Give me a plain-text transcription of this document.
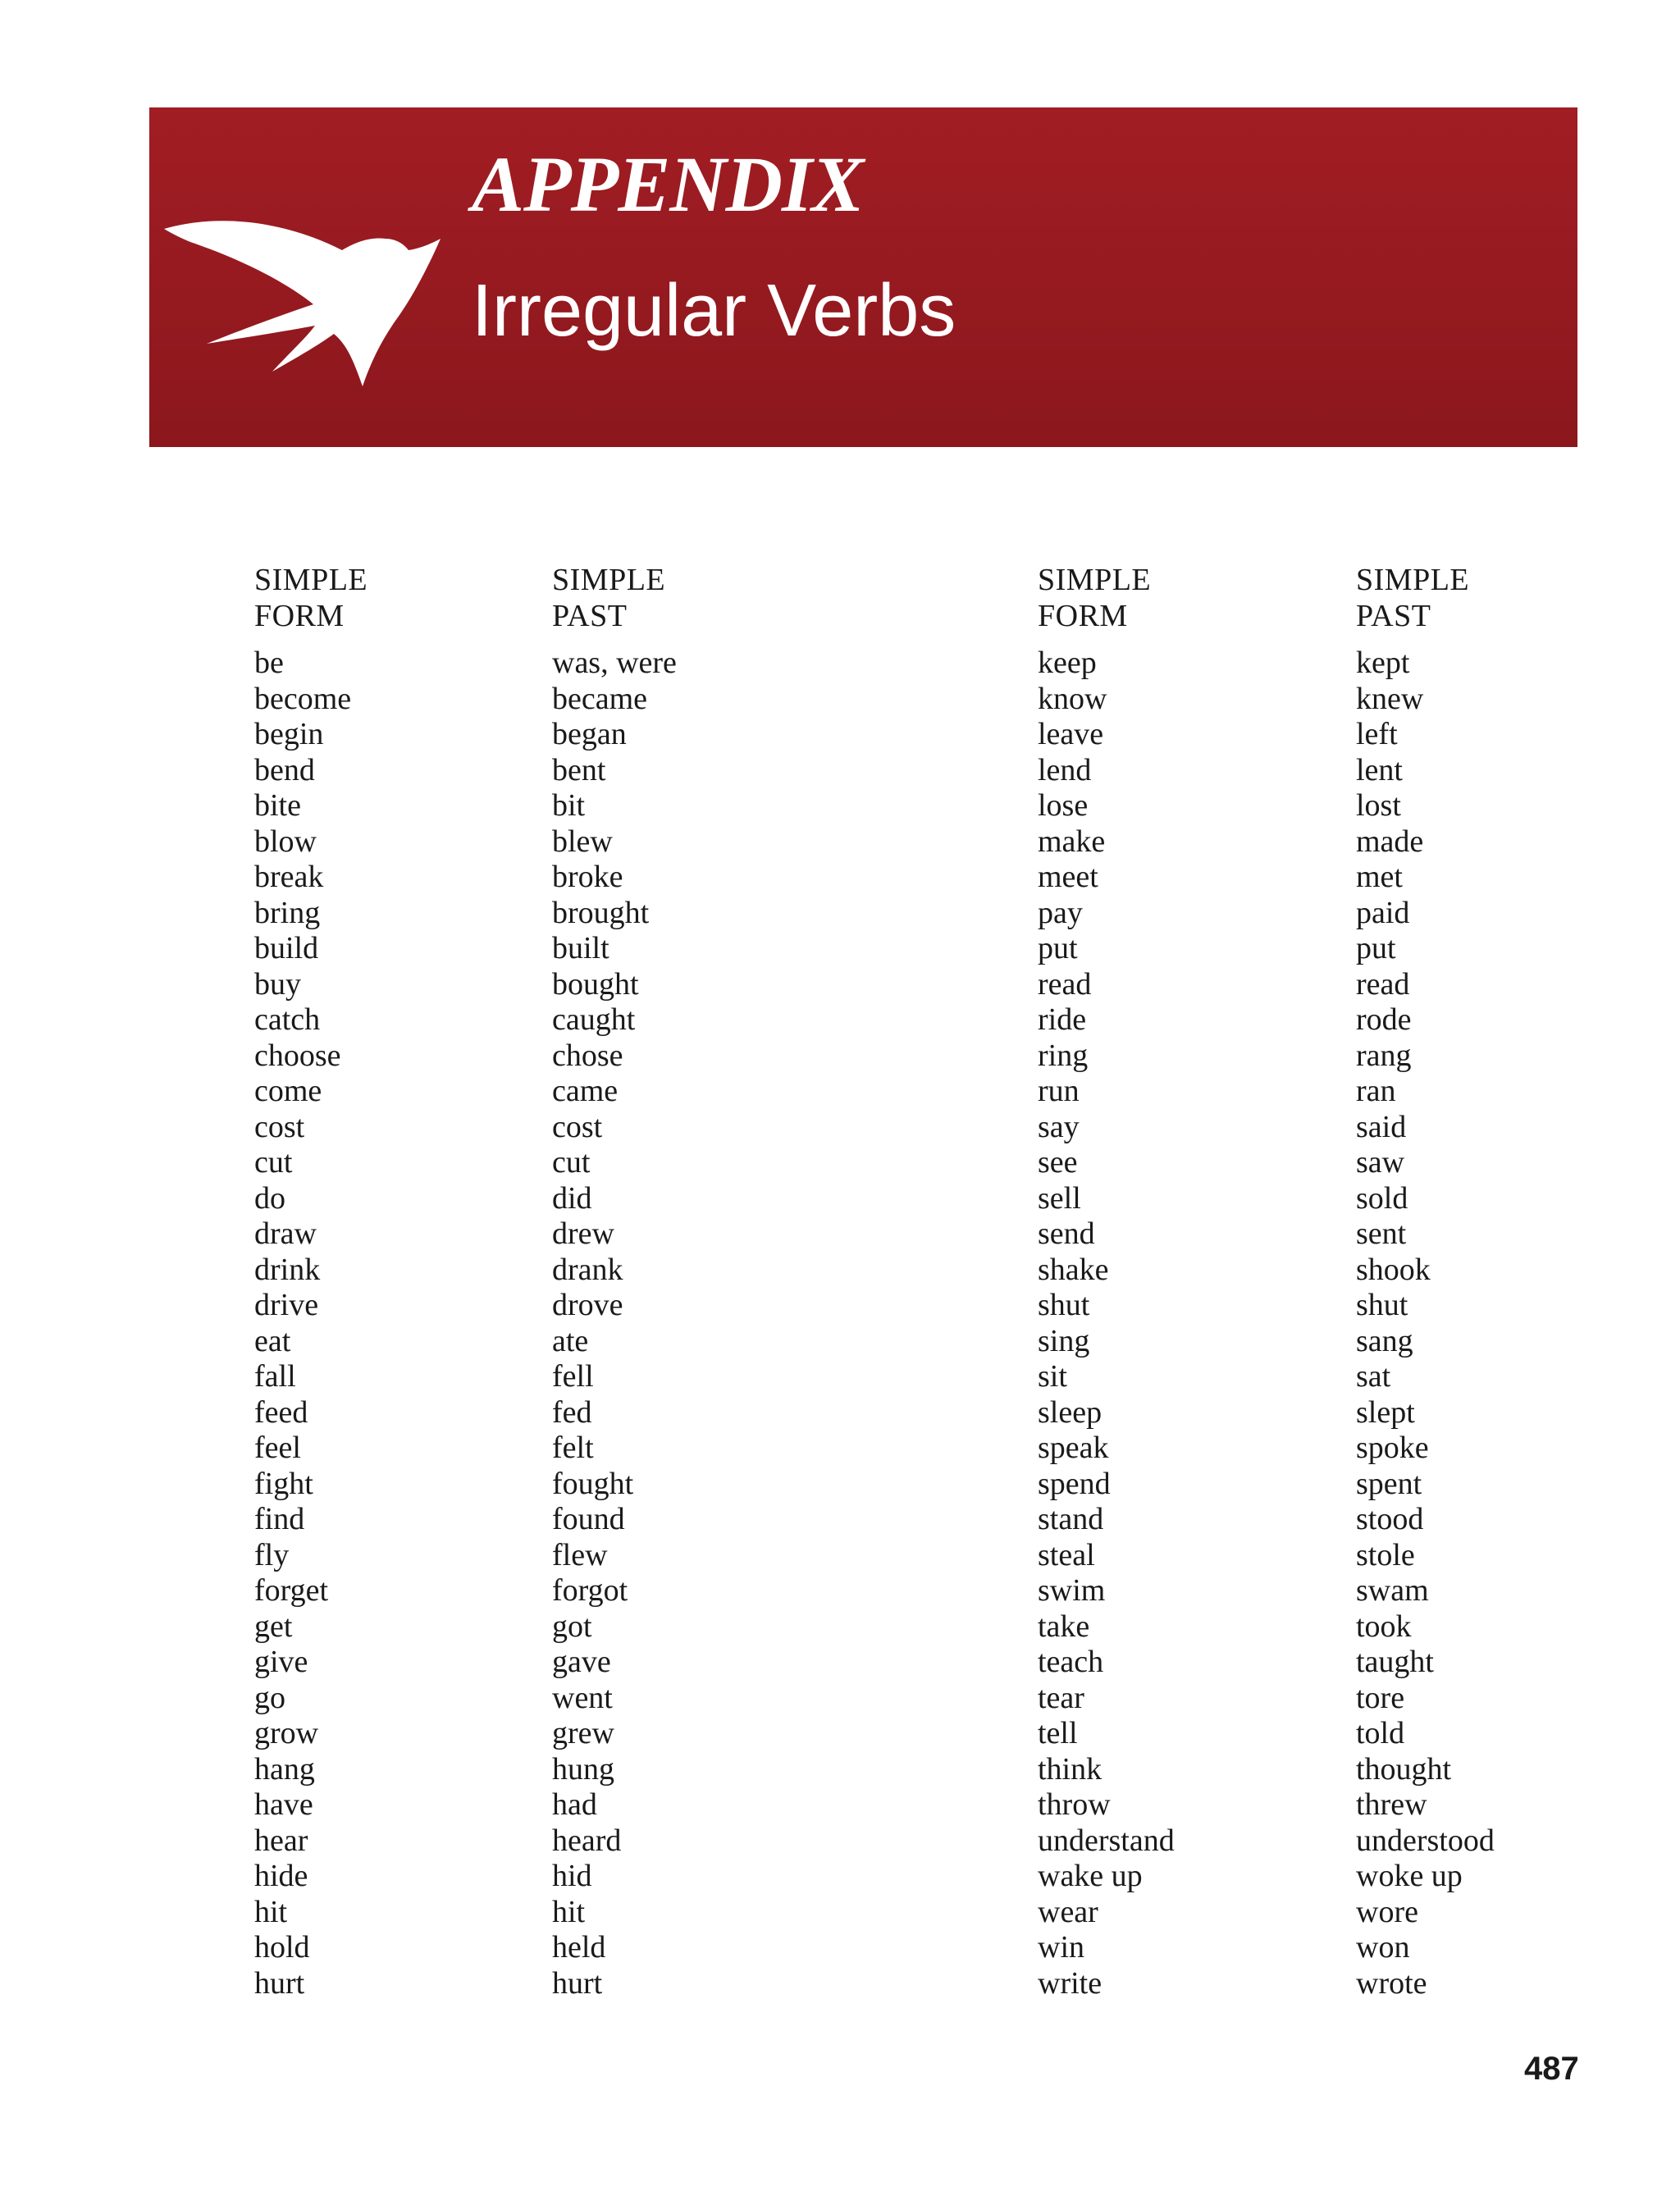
APPENDIX
Irregular Verbs
SIMPLE
FORM
be
become
begin
bend
bite
blow
break
bring
build
buy
catch
choose
come
cost
cut
do
draw
drink
drive
eat
fall
feed
feel
fight
find
fly
forget
get
give
go
grow
hang
have
hear
hide
hit
hold
hurt
SIMPLE
PAST
was, were
became
began
bent
bit
blew
broke
brought
built
bought
caught
chose
came
cost
cut
did
drew
drank
drove
ate
fell
fed
felt
fought
found
flew
forgot
got
gave
went
grew
hung
had
heard
hid
hit
held
hurt
SIMPLE
FORM
keep
know
leave
lend
lose
make
meet
pay
put
read
ride
ring
run
say
see
sell
send
shake
shut
sing
sit
sleep
speak
spend
stand
steal
swim
take
teach
tear
tell
think
throw
understand
wake up
wear
win
write
SIMPLE
PAST
kept
knew
left
lent
lost
made
met
paid
put
read
rode
rang
ran
said
saw
sold
sent
shook
shut
sang
sat
slept
spoke
spent
stood
stole
swam
took
taught
tore
told
thought
threw
understood
woke up
wore
won
wrote
487
